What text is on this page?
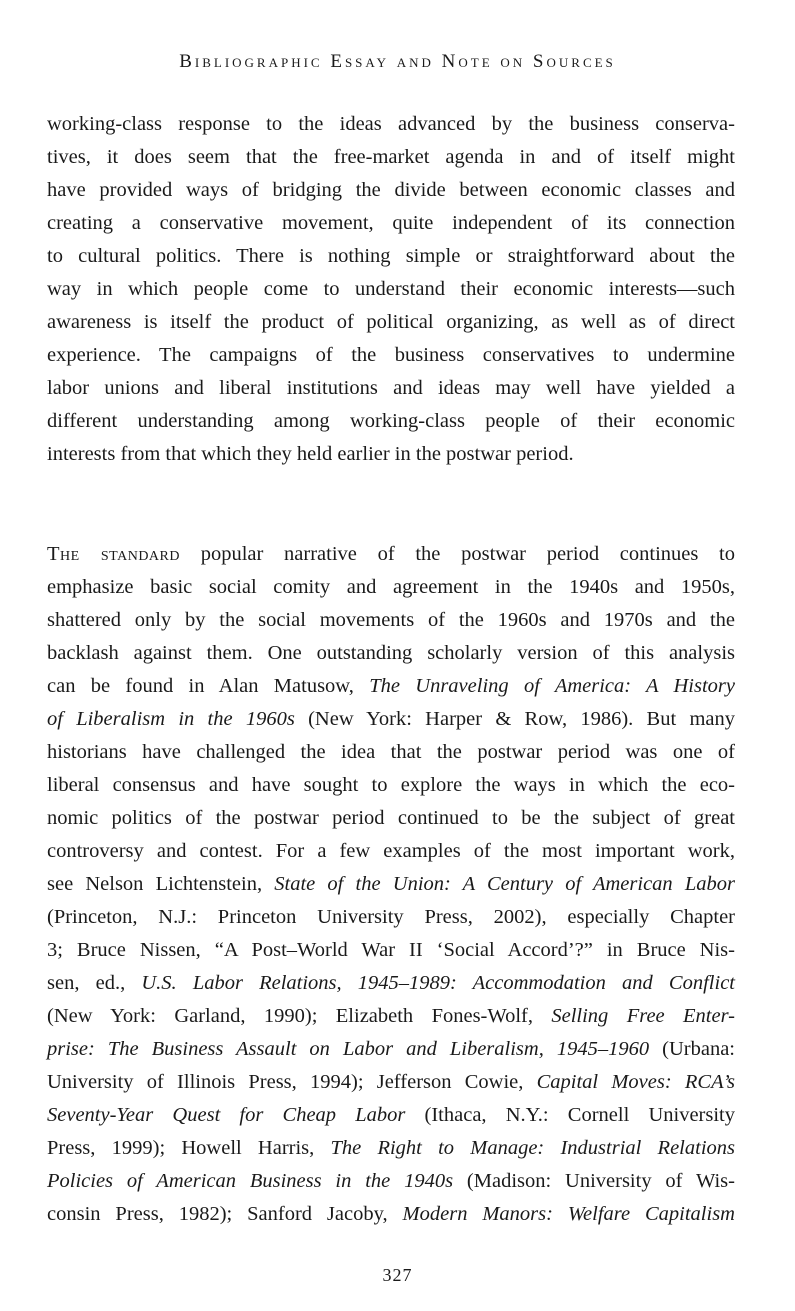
Bibliographic Essay and Note on Sources
working-class response to the ideas advanced by the business conserva-
tives, it does seem that the free-market agenda in and of itself might
have provided ways of bridging the divide between economic classes and
creating a conservative movement, quite independent of its connection
to cultural politics. There is nothing simple or straightforward about the
way in which people come to understand their economic interests—such
awareness is itself the product of political organizing, as well as of direct
experience. The campaigns of the business conservatives to undermine
labor unions and liberal institutions and ideas may well have yielded a
different understanding among working-class people of their economic
interests from that which they held earlier in the postwar period.
The standard popular narrative of the postwar period continues to
emphasize basic social comity and agreement in the 1940s and 1950s,
shattered only by the social movements of the 1960s and 1970s and the
backlash against them. One outstanding scholarly version of this analysis
can be found in Alan Matusow, The Unraveling of America: A History
of Liberalism in the 1960s (New York: Harper & Row, 1986). But many
historians have challenged the idea that the postwar period was one of
liberal consensus and have sought to explore the ways in which the eco-
nomic politics of the postwar period continued to be the subject of great
controversy and contest. For a few examples of the most important work,
see Nelson Lichtenstein, State of the Union: A Century of American Labor
(Princeton, N.J.: Princeton University Press, 2002), especially Chapter
3; Bruce Nissen, “A Post–World War II ‘Social Accord’?” in Bruce Nis-
sen, ed., U.S. Labor Relations, 1945–1989: Accommodation and Conflict
(New York: Garland, 1990); Elizabeth Fones-Wolf, Selling Free Enter-
prise: The Business Assault on Labor and Liberalism, 1945–1960 (Urbana:
University of Illinois Press, 1994); Jefferson Cowie, Capital Moves: RCA’s
Seventy-Year Quest for Cheap Labor (Ithaca, N.Y.: Cornell University
Press, 1999); Howell Harris, The Right to Manage: Industrial Relations
Policies of American Business in the 1940s (Madison: University of Wis-
consin Press, 1982); Sanford Jacoby, Modern Manors: Welfare Capitalism
327
